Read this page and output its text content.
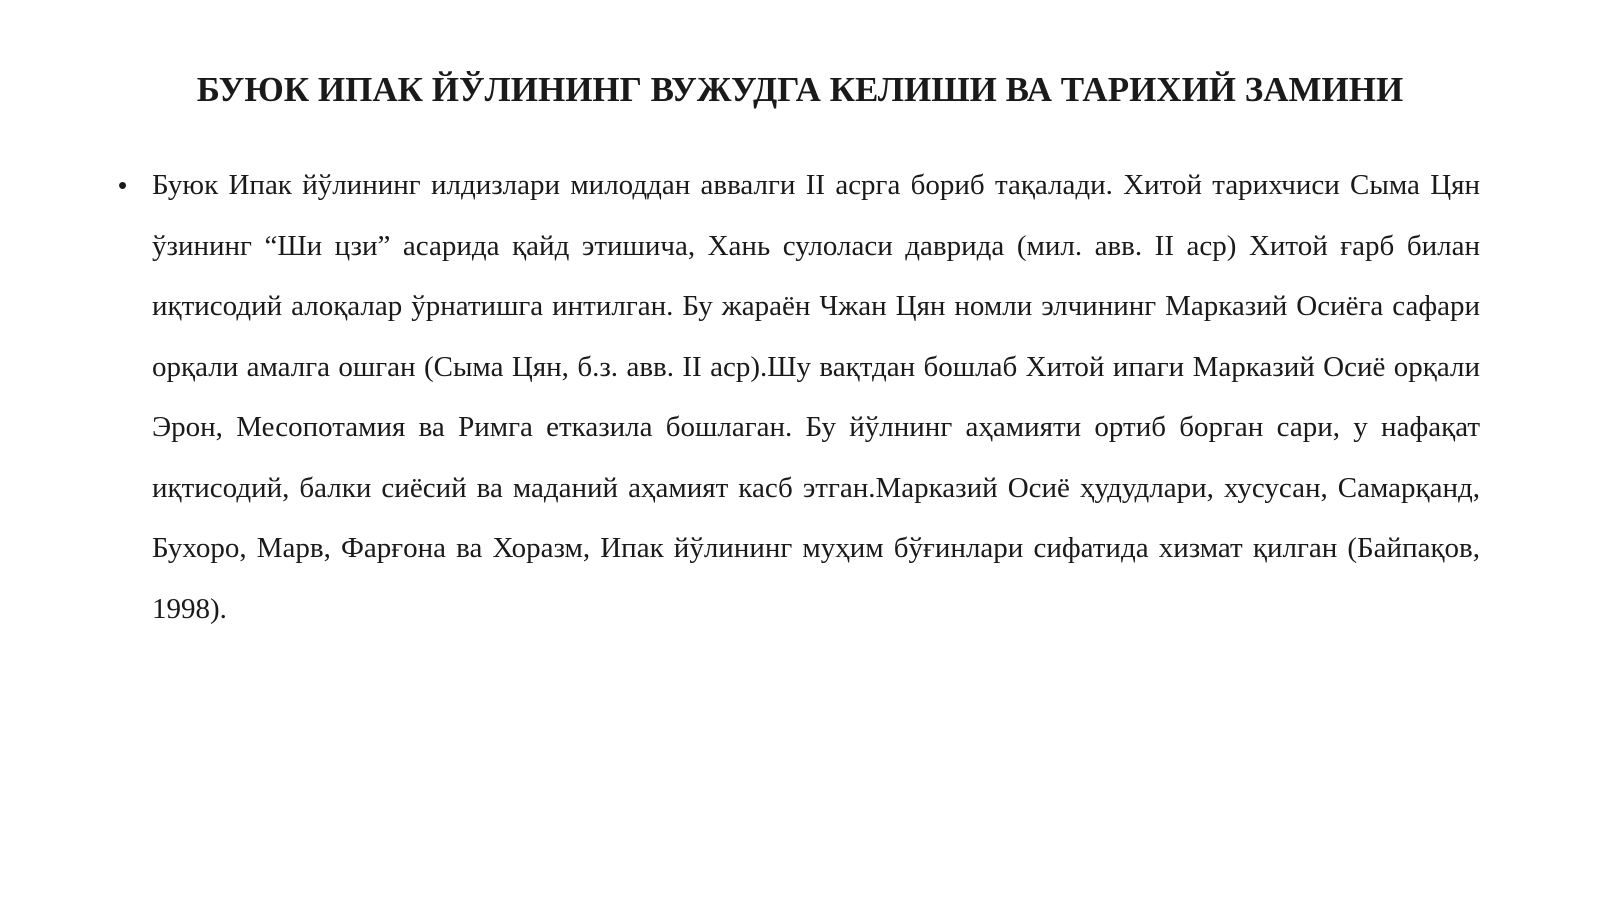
БУЮК ИПАК ЙЎЛИНИНГ ВУЖУДГА КЕЛИШИ ВА ТАРИХИЙ ЗАМИНИ
• Буюк Ипак йўлининг илдизлари милоддан аввалги II асрга бориб тақалади. Хитой тарихчиси Сыма Цян ўзининг “Ши цзи” асарида қайд этишича, Хань сулоласи даврида (мил. авв. II аср) Хитой ғарб билан иқтисодий алоқалар ўрнатишга интилган. Бу жараён Чжан Цян номли элчининг Марказий Осиёга сафари орқали амалга ошган (Сыма Цян, б.з. авв. II аср).Шу вақтдан бошлаб Хитой ипаги Марказий Осиё орқали Эрон, Месопотамия ва Римга етказила бошлаган. Бу йўлнинг аҳамияти ортиб борган сари, у нафақат иқтисодий, балки сиёсий ва маданий аҳамият касб этган.Марказий Осиё ҳудудлари, хусусан, Самарқанд, Бухоро, Марв, Фарғона ва Хоразм, Ипак йўлининг муҳим бўғинлари сифатида хизмат қилган (Байпақов, 1998).
